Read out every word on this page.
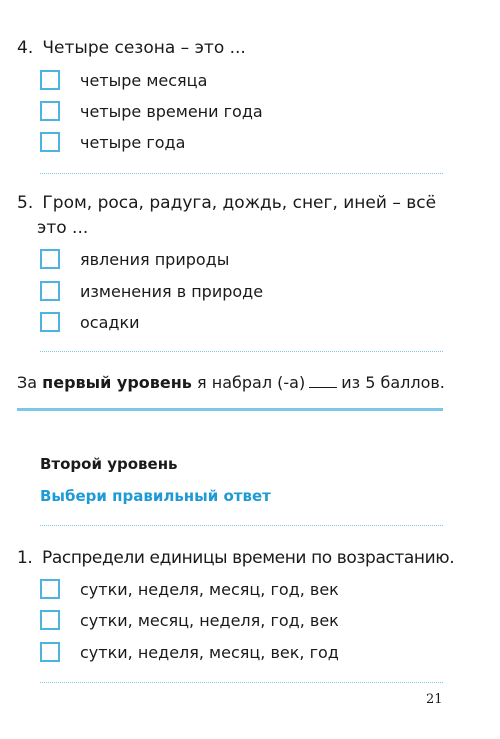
4. Четыре сезона – это ...
четыре месяца
четыре времени года
четыре года
5. Гром, роса, радуга, дождь, снег, иней – всё
это ...
явления природы
изменения в природе
осадки
За первый уровень я набрал (-а) из 5 баллов.
Второй уровень
Выбери правильный ответ
1. Распредели единицы времени по возрастанию.
сутки, неделя, месяц, год, век
сутки, месяц, неделя, год, век
сутки, неделя, месяц, век, год
21
